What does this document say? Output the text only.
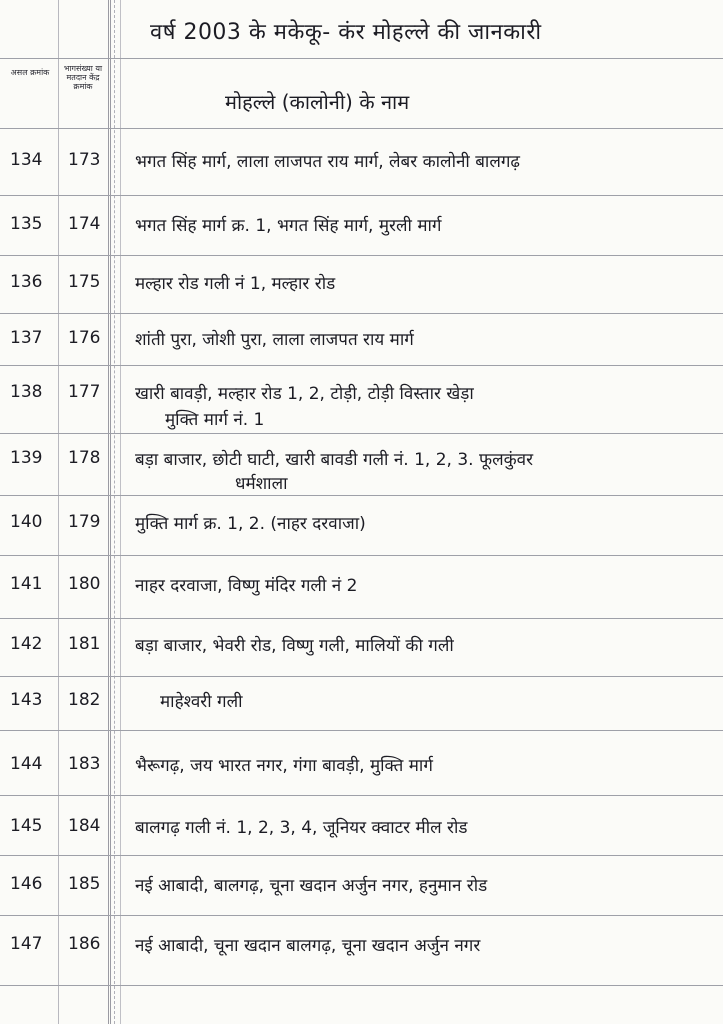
वर्ष 2003 के मकेकू- कंर मोहल्ले की जानकारी
असल क्रमांक	भागसंख्या या मतदान केंद्र क्रमांक
मोहल्ले (कालोनी) के नाम
134	173	भगत सिंह मार्ग, लाला लाजपत राय मार्ग, लेबर कालोनी बालगढ़
135	174	भगत सिंह मार्ग क्र. 1, भगत सिंह मार्ग, मुरली मार्ग
136	175	मल्हार रोड गली नं 1, मल्हार रोड
137	176	शांती पुरा, जोशी पुरा, लाला लाजपत राय मार्ग
138	177	खारी बावड़ी, मल्हार रोड 1, 2, टोड़ी, टोड़ी विस्तार खेड़ा
मुक्ति मार्ग नं. 1
139	178	बड़ा बाजार, छोटी घाटी, खारी बावडी गली नं. 1, 2, 3. फूलकुंवर
धर्मशाला
140	179	मुक्ति मार्ग क्र. 1, 2. (नाहर दरवाजा)
141	180	नाहर दरवाजा, विष्णु मंदिर गली नं 2
142	181	बड़ा बाजार, भेवरी रोड, विष्णु गली, मालियों की गली
143	182	माहेश्वरी गली
144	183	भैरूगढ़, जय भारत नगर, गंगा बावड़ी, मुक्ति मार्ग
145	184	बालगढ़ गली नं. 1, 2, 3, 4, जूनियर क्वाटर मील रोड
146	185	नई आबादी, बालगढ़, चूना खदान अर्जुन नगर, हनुमान रोड
147	186	नई आबादी, चूना खदान बालगढ़, चूना खदान अर्जुन नगर
